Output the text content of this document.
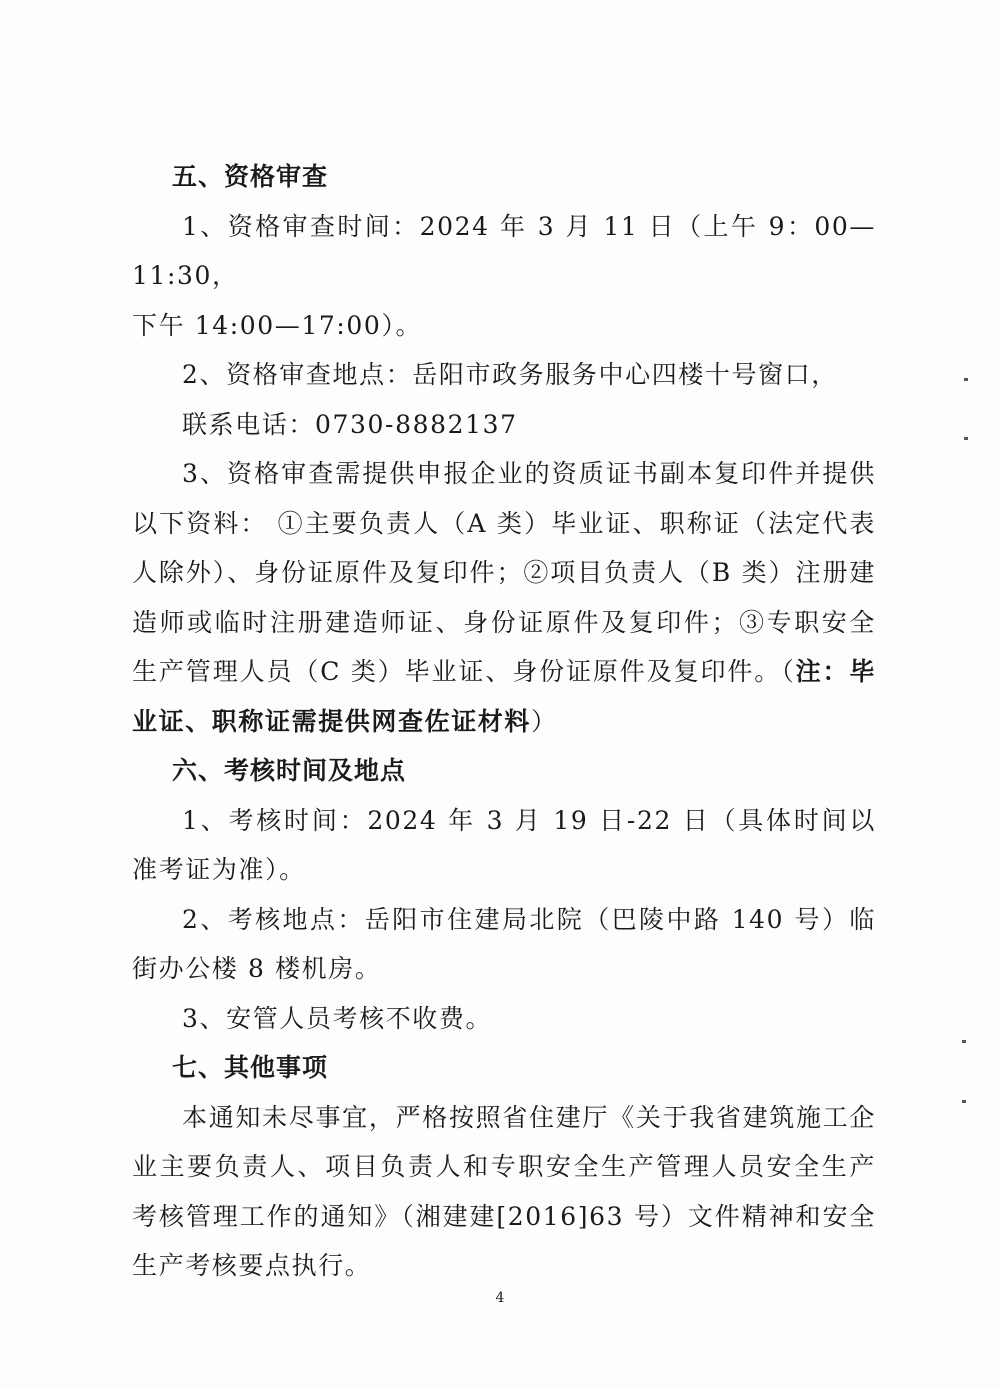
五、资格审查

1、资格审查时间：2024 年 3 月 11 日（上午 9：00—11:30，

下午 14:00—17:00）。

2、资格审查地点：岳阳市政务服务中心四楼十号窗口，

联系电话：0730-8882137

3、资格审查需提供申报企业的资质证书副本复印件并提供以下资料： ①主要负责人（A 类）毕业证、职称证（法定代表人除外）、身份证原件及复印件；②项目负责人（B 类）注册建造师或临时注册建造师证、身份证原件及复印件；③专职安全生产管理人员（C 类）毕业证、身份证原件及复印件。（注：毕业证、职称证需提供网查佐证材料）

六、考核时间及地点

1、考核时间：2024 年 3 月 19 日-22 日（具体时间以准考证为准）。

2、考核地点：岳阳市住建局北院（巴陵中路 140 号）临街办公楼 8 楼机房。

3、安管人员考核不收费。

七、其他事项

本通知未尽事宜，严格按照省住建厅《关于我省建筑施工企业主要负责人、项目负责人和专职安全生产管理人员安全生产考核管理工作的通知》（湘建建[2016]63 号）文件精神和安全生产考核要点执行。

4
